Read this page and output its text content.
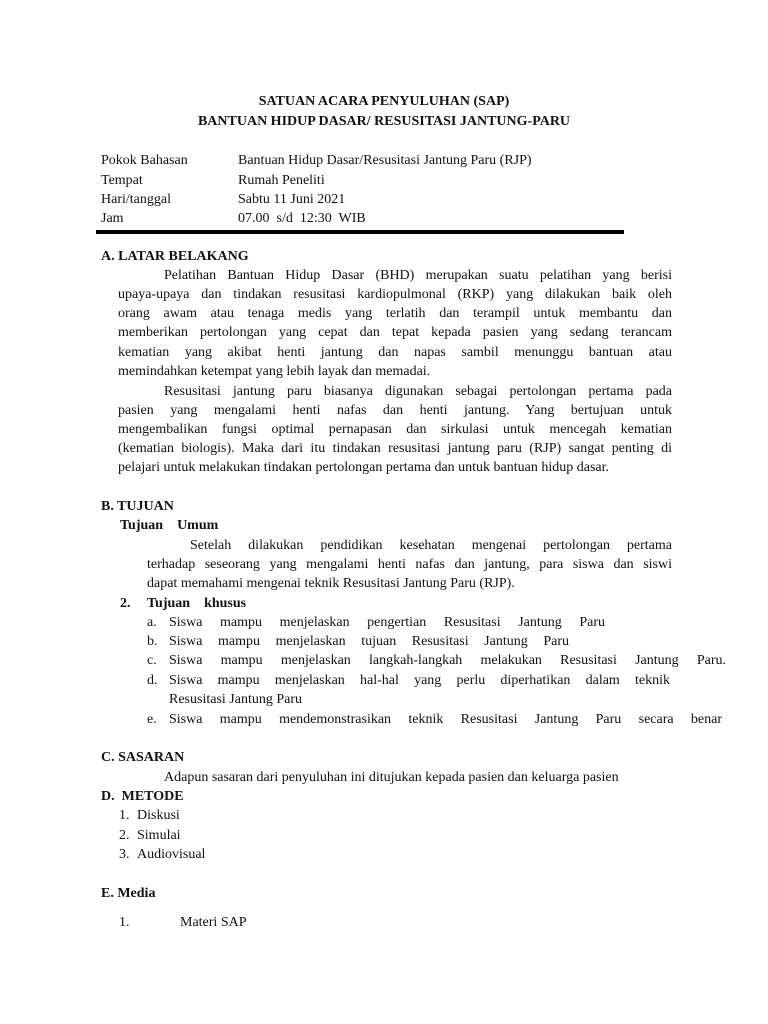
SATUAN ACARA PENYULUHAN (SAP)
BANTUAN HIDUP DASAR/ RESUSITASI JANTUNG-PARU
Pokok Bahasan	Bantuan Hidup Dasar/Resusitasi Jantung Paru (RJP)
Tempat	Rumah Peneliti
Hari/tanggal	Sabtu 11 Juni 2021
Jam	07.00  s/d  12:30  WIB
A. LATAR BELAKANG
Pelatihan Bantuan Hidup Dasar (BHD) merupakan suatu pelatihan yang berisi
upaya-upaya dan tindakan resusitasi kardiopulmonal (RKP) yang dilakukan baik oleh
orang awam atau tenaga medis yang terlatih dan terampil untuk membantu dan
memberikan pertolongan yang cepat dan tepat kepada pasien yang sedang terancam
kematian yang akibat henti jantung dan napas sambil menunggu bantuan atau
memindahkan ketempat yang lebih layak dan memadai.
Resusitasi jantung paru biasanya digunakan sebagai pertolongan pertama pada
pasien yang mengalami henti nafas dan henti jantung. Yang bertujuan untuk
mengembalikan fungsi optimal pernapasan dan sirkulasi untuk mencegah kematian
(kematian biologis). Maka dari itu tindakan resusitasi jantung paru (RJP) sangat penting di
pelajari untuk melakukan tindakan pertolongan pertama dan untuk bantuan hidup dasar.
B. TUJUAN
Tujuan    Umum
Setelah dilakukan pendidikan kesehatan mengenai pertolongan pertama
terhadap seseorang yang mengalami henti nafas dan jantung, para siswa dan siswi
dapat memahami mengenai teknik Resusitasi Jantung Paru (RJP).
2. Tujuan    khusus
a. Siswa mampu menjelaskan pengertian Resusitasi Jantung Paru
b. Siswa mampu menjelaskan tujuan Resusitasi Jantung Paru
c. Siswa mampu menjelaskan langkah-langkah melakukan Resusitasi Jantung Paru.
d. Siswa mampu menjelaskan hal-hal yang perlu diperhatikan dalam teknik
Resusitasi Jantung Paru
e. Siswa mampu mendemonstrasikan teknik Resusitasi Jantung Paru secara benar
C. SASARAN
Adapun sasaran dari penyuluhan ini ditujukan kepada pasien dan keluarga pasien
D.  METODE
1. Diskusi
2. Simulai
3. Audiovisual
E. Media
1.	Materi SAP
